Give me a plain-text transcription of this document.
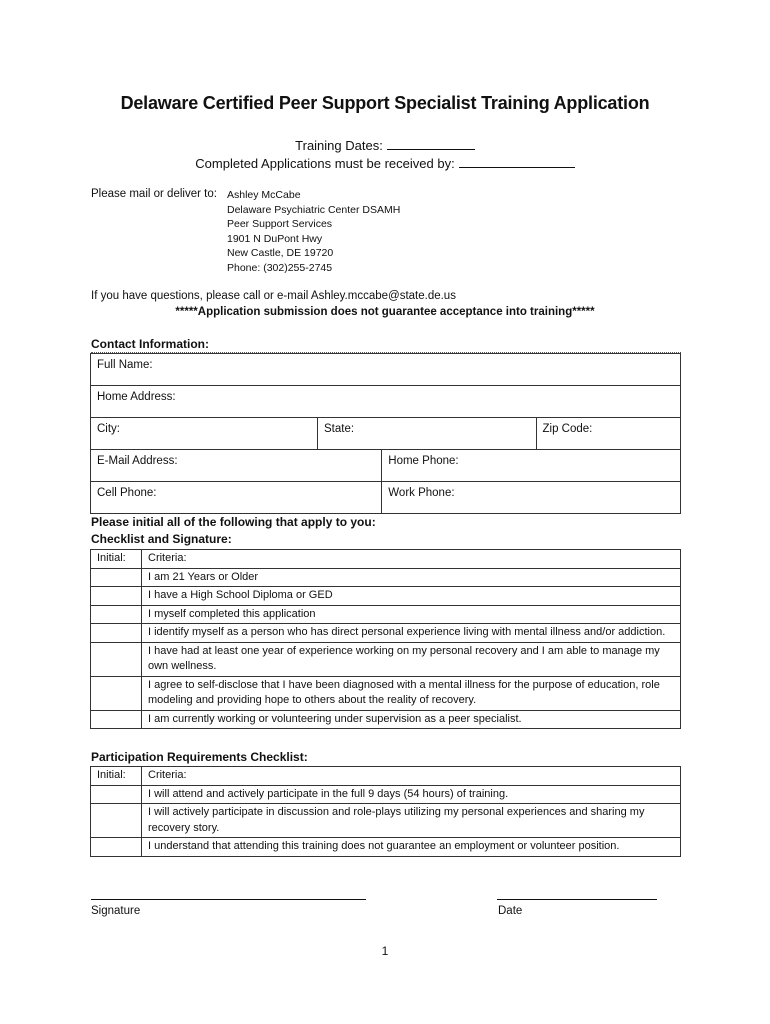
Delaware Certified Peer Support Specialist Training Application
Training Dates:
Completed Applications must be received by:
Please mail or deliver to: Ashley McCabe
Delaware Psychiatric Center DSAMH
Peer Support Services
1901 N DuPont Hwy
New Castle, DE 19720
Phone: (302)255-2745
If you have questions, please call or e-mail Ashley.mccabe@state.de.us
*****Application submission does not guarantee acceptance into training*****
Contact Information:
Full Name:			
Home Address:			
City:	State:		Zip Code:
E-Mail Address:		Home Phone:	
Cell Phone:		Work Phone:	
Please initial all of the following that apply to you:
Checklist and Signature:
Initial:	Criteria:
	I am 21 Years or Older
	I have a High School Diploma or GED
	I myself completed this application
	I identify myself as a person who has direct personal experience living with mental illness and/or addiction.
	I have had at least one year of experience working on my personal recovery and I am able to manage my own wellness.
	I agree to self-disclose that I have been diagnosed with a mental illness for the purpose of education, role modeling and providing hope to others about the reality of recovery.
	I am currently working or volunteering under supervision as a peer specialist.
Participation Requirements Checklist:
Initial:	Criteria:
	I will attend and actively participate in the full 9 days (54 hours) of training.
	I will actively participate in discussion and role-plays utilizing my personal experiences and sharing my recovery story.
	I understand that attending this training does not guarantee an employment or volunteer position.
Signature	Date
1
